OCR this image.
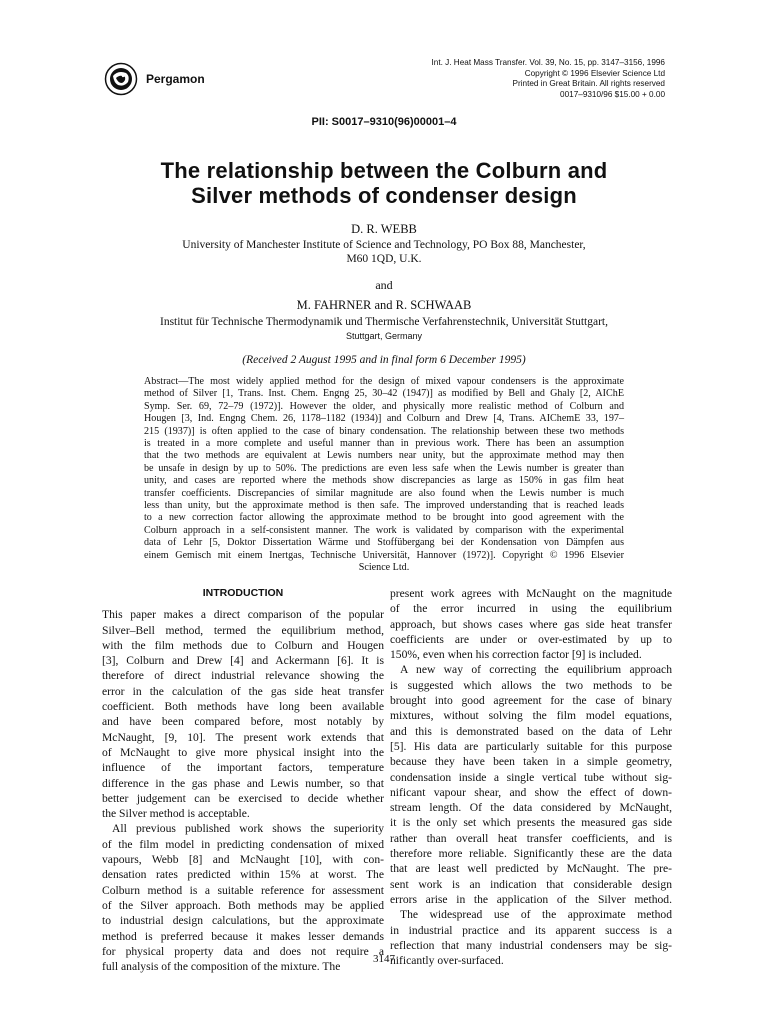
Pergamon
Int. J. Heat Mass Transfer. Vol. 39, No. 15, pp. 3147–3156, 1996
Copyright © 1996 Elsevier Science Ltd
Printed in Great Britain. All rights reserved
0017–9310/96 $15.00 + 0.00
PII: S0017–9310(96)00001–4
The relationship between the Colburn and
Silver methods of condenser design
D. R. WEBB
University of Manchester Institute of Science and Technology, PO Box 88, Manchester,
M60 1QD, U.K.
and
M. FAHRNER and R. SCHWAAB
Institut für Technische Thermodynamik und Thermische Verfahrenstechnik, Universität Stuttgart,
Stuttgart, Germany
(Received 2 August 1995 and in final form 6 December 1995)
Abstract—The most widely applied method for the design of mixed vapour condensers is the approximate
method of Silver [1, Trans. Inst. Chem. Engng 25, 30–42 (1947)] as modified by Bell and Ghaly [2, AIChE
Symp. Ser. 69, 72–79 (1972)]. However the older, and physically more realistic method of Colburn and
Hougen [3, Ind. Engng Chem. 26, 1178–1182 (1934)] and Colburn and Drew [4, Trans. AIChemE 33, 197–
215 (1937)] is often applied to the case of binary condensation. The relationship between these two methods
is treated in a more complete and useful manner than in previous work. There has been an assumption
that the two methods are equivalent at Lewis numbers near unity, but the approximate method may then
be unsafe in design by up to 50%. The predictions are even less safe when the Lewis number is greater than
unity, and cases are reported where the methods show discrepancies as large as 150% in gas film heat
transfer coefficients. Discrepancies of similar magnitude are also found when the Lewis number is much
less than unity, but the approximate method is then safe. The improved understanding that is reached leads
to a new correction factor allowing the approximate method to be brought into good agreement with the
Colburn approach in a self-consistent manner. The work is validated by comparison with the experimental
data of Lehr [5, Doktor Dissertation Wärme und Stoffübergang bei der Kondensation von Dämpfen aus
einem Gemisch mit einem Inertgas, Technische Universität, Hannover (1972)]. Copyright © 1996 Elsevier
Science Ltd.
INTRODUCTION
This paper makes a direct comparison of the popular
Silver–Bell method, termed the equilibrium method,
with the film methods due to Colburn and Hougen
[3], Colburn and Drew [4] and Ackermann [6]. It is
therefore of direct industrial relevance showing the
error in the calculation of the gas side heat transfer
coefficient. Both methods have long been available
and have been compared before, most notably by
McNaught, [9, 10]. The present work extends that
of McNaught to give more physical insight into the
influence of the important factors, temperature
difference in the gas phase and Lewis number, so that
better judgement can be exercised to decide whether
the Silver method is acceptable.
All previous published work shows the superiority
of the film model in predicting condensation of mixed
vapours, Webb [8] and McNaught [10], with con-
densation rates predicted within 15% at worst. The
Colburn method is a suitable reference for assessment
of the Silver approach. Both methods may be applied
to industrial design calculations, but the approximate
method is preferred because it makes lesser demands
for physical property data and does not require a
full analysis of the composition of the mixture. The
present work agrees with McNaught on the magnitude
of the error incurred in using the equilibrium
approach, but shows cases where gas side heat transfer
coefficients are under or over-estimated by up to
150%, even when his correction factor [9] is included.
A new way of correcting the equilibrium approach
is suggested which allows the two methods to be
brought into good agreement for the case of binary
mixtures, without solving the film model equations,
and this is demonstrated based on the data of Lehr
[5]. His data are particularly suitable for this purpose
because they have been taken in a simple geometry,
condensation inside a single vertical tube without sig-
nificant vapour shear, and show the effect of down-
stream length. Of the data considered by McNaught,
it is the only set which presents the measured gas side
rather than overall heat transfer coefficients, and is
therefore more reliable. Significantly these are the data
that are least well predicted by McNaught. The pre-
sent work is an indication that considerable design
errors arise in the application of the Silver method.
The widespread use of the approximate method
in industrial practice and its apparent success is a
reflection that many industrial condensers may be sig-
nificantly over-surfaced.
3147
